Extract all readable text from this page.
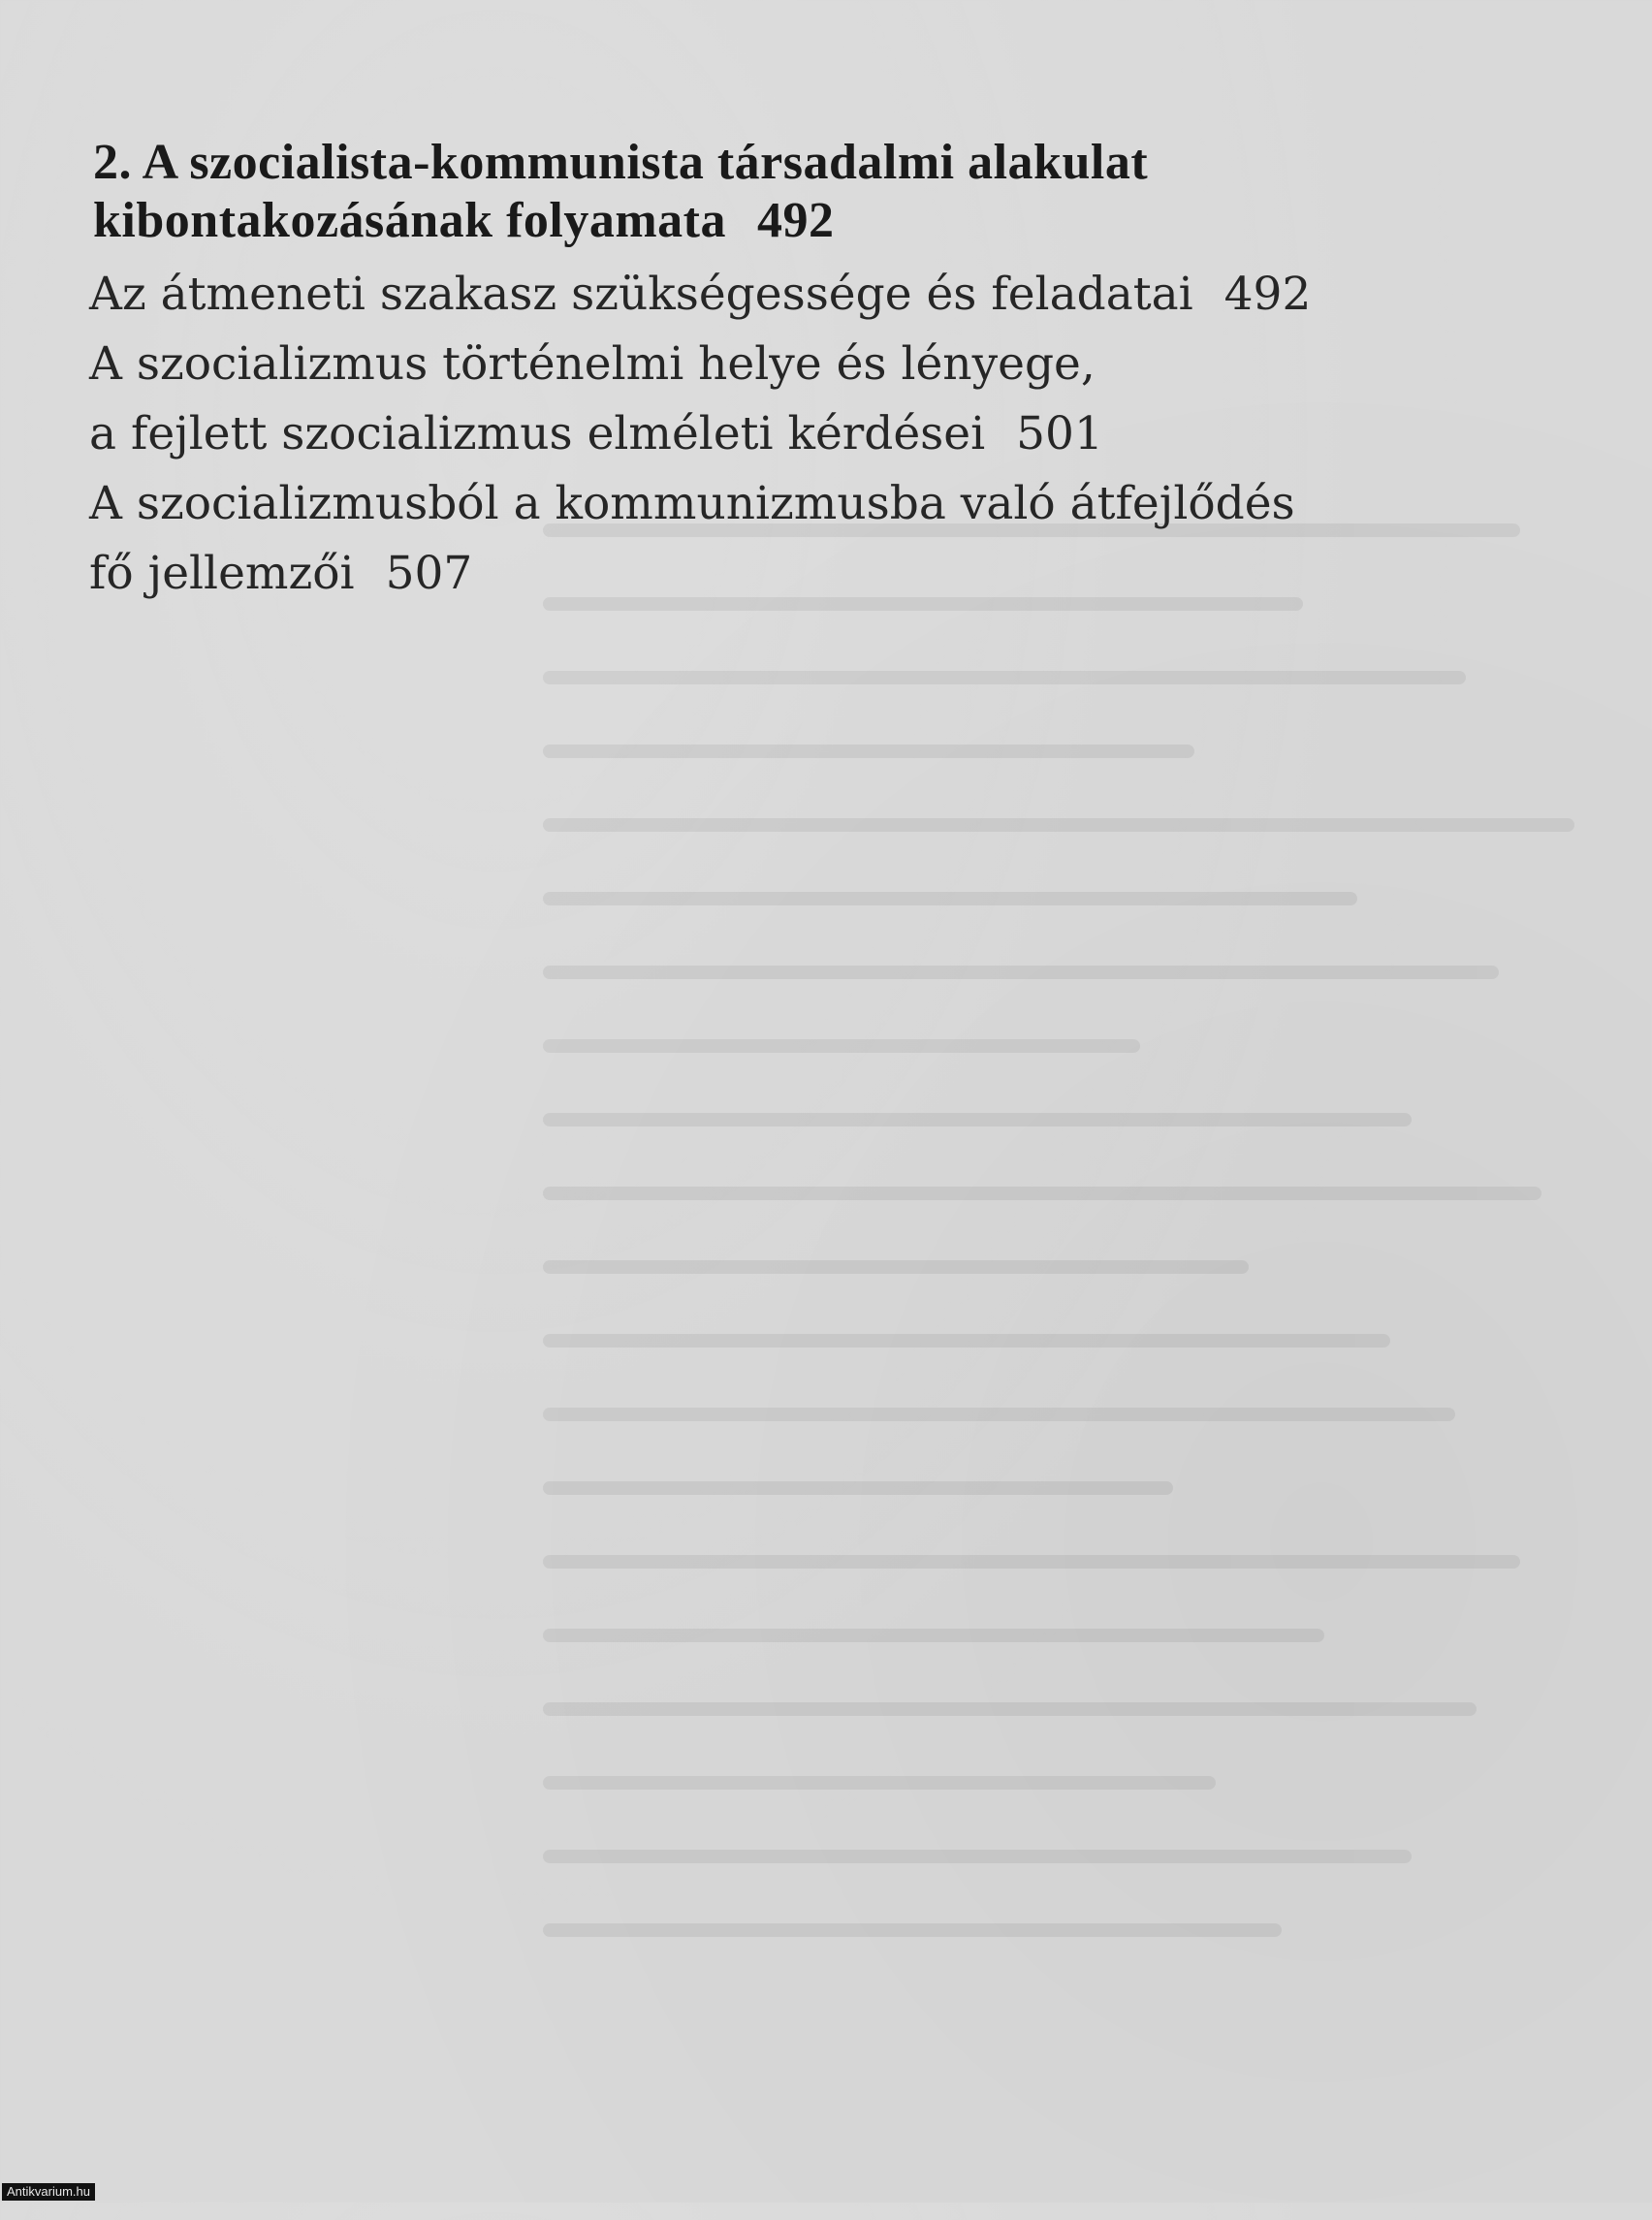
2. A szocialista-kommunista társadalmi alakulat
kibontakozásának folyamata 492

Az átmeneti szakasz szükségessége és feladatai 492

A szocializmus történelmi helye és lényege,

a fejlett szocializmus elméleti kérdései 501

A szocializmusból a kommunizmusba való átfejlődés

fő jellemzői 507

Antikvarium.hu
